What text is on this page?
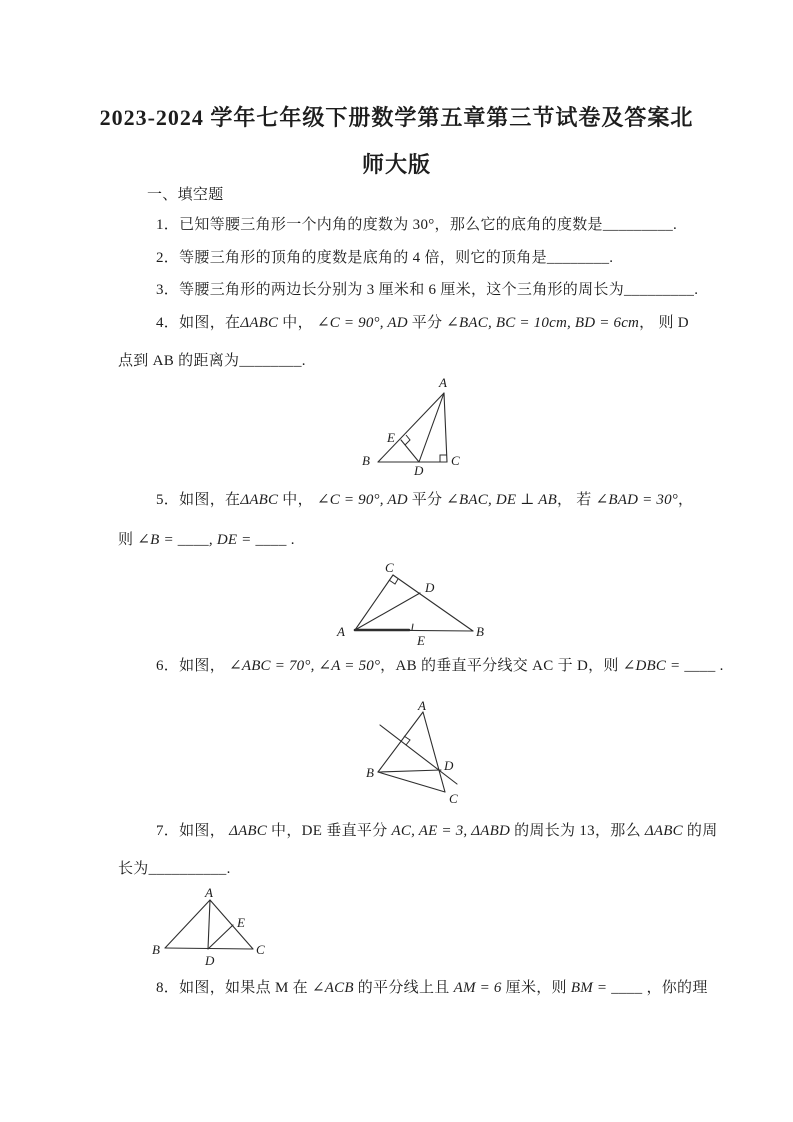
2023-2024 学年七年级下册数学第五章第三节试卷及答案北
师大版
一、填空题
1．已知等腰三角形一个内角的度数为 30°，那么它的底角的度数是_________.
2．等腰三角形的顶角的度数是底角的 4 倍，则它的顶角是________.
3．等腰三角形的两边长分别为 3 厘米和 6 厘米，这个三角形的周长为_________.
4．如图，在ΔABC 中， ∠C = 90°, AD 平分 ∠BAC, BC = 10cm, BD = 6cm， 则 D
点到 AB 的距离为________.
A
B	C
D
E
5．如图，在ΔABC 中， ∠C = 90°, AD 平分 ∠BAC, DE ⊥ AB， 若 ∠BAD = 30°，
则 ∠B = ____, DE = ____ .
C
D
A	B
E
6．如图， ∠ABC = 70°, ∠A = 50°，AB 的垂直平分线交 AC 于 D，则 ∠DBC = ____ .
A
B
C
D
7．如图， ΔABC 中，DE 垂直平分 AC, AE = 3, ΔABD 的周长为 13，那么 ΔABC 的周
长为__________.
A
B	C
D
E
8．如图，如果点 M 在 ∠ACB 的平分线上且 AM = 6 厘米，则 BM = ____ ，你的理
